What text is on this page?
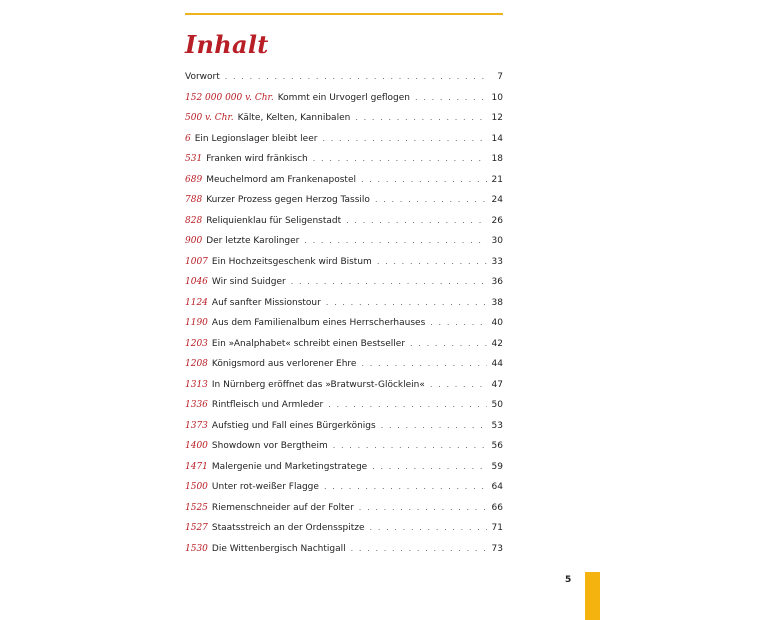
Inhalt
Vorwort . . .	7
152 000 000 v. Chr. Kommt ein Urvogerl geflogen . . .	10
500 v. Chr. Kälte, Kelten, Kannibalen . . .	12
6 Ein Legionslager bleibt leer . . .	14
531 Franken wird fränkisch . . .	18
689 Meuchelmord am Frankenapostel . . .	21
788 Kurzer Prozess gegen Herzog Tassilo . . .	24
828 Reliquienklau für Seligenstadt . . .	26
900 Der letzte Karolinger . . .	30
1007 Ein Hochzeitsgeschenk wird Bistum . . .	33
1046 Wir sind Suidger . . .	36
1124 Auf sanfter Missionstour . . .	38
1190 Aus dem Familienalbum eines Herrscherhauses . . .	40
1203 Ein »Analphabet« schreibt einen Bestseller . . .	42
1208 Königsmord aus verlorener Ehre . . .	44
1313 In Nürnberg eröffnet das »Bratwurst-Glöcklein« . . .	47
1336 Rintfleisch und Armleder . . .	50
1373 Aufstieg und Fall eines Bürgerkönigs . . .	53
1400 Showdown vor Bergtheim . . .	56
1471 Malergenie und Marketingstratege . . .	59
1500 Unter rot-weißer Flagge . . .	64
1525 Riemenschneider auf der Folter . . .	66
1527 Staatsstreich an der Ordensspitze . . .	71
1530 Die Wittenbergisch Nachtigall . . .	73
5
